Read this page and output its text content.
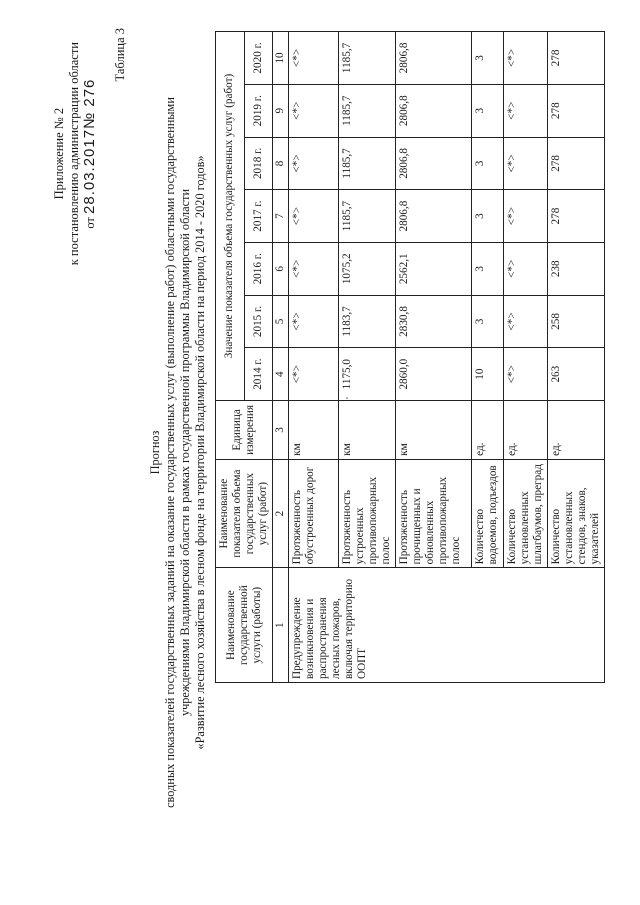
Приложение № 2 к постановлению администрации области от 28.03.2017№ 276
Таблица 3
Прогноз сводных показателей государственных заданий на оказание государственных услуг (выполнение работ) областными государственными учреждениями Владимирской области в рамках государственной программы Владимирской области «Развитие лесного хозяйства в лесном фонде на территории Владимирской области на период 2014 - 2020 годов» Наименование государственной услуги (работы)	Наименование показателя объема государственных услуг (работ)	Единица измерения	Значение показателя объема государственных услуг (работ)						
			2014 г.	2015 г.	2016 г.	2017 г.	2018 г.	2019 г.	2020 г.
1	2	3	4	5	6	7	8	9	10
Предупреждение возникновения и распространения лесных пожаров, включая территорию ООПТ	Протяженность обустроенных дорог	км	<*>	<*>	<*>	<*>	<*>	<*>	<*>
	Протяженность устроенных противопожарных полос	км	1175,0	1183,7	1075,2	1185,7	1185,7	1185,7	1185,7
	Протяженность прочищенных и обновленных противопожарных полос	км	2860,0	2830,8	2562,1	2806,8	2806,8	2806,8	2806,8
	Количество водоемов, подъездов	ед.	10	3	3	3	3	3	3
	Количество установленных шлагбаумов, преград	ед.	<*>	<*>	<*>	<*>	<*>	<*>	<*>
	Количество установленных стендов, знаков, указателей	ед.	263	258	238	278	278	278	278
